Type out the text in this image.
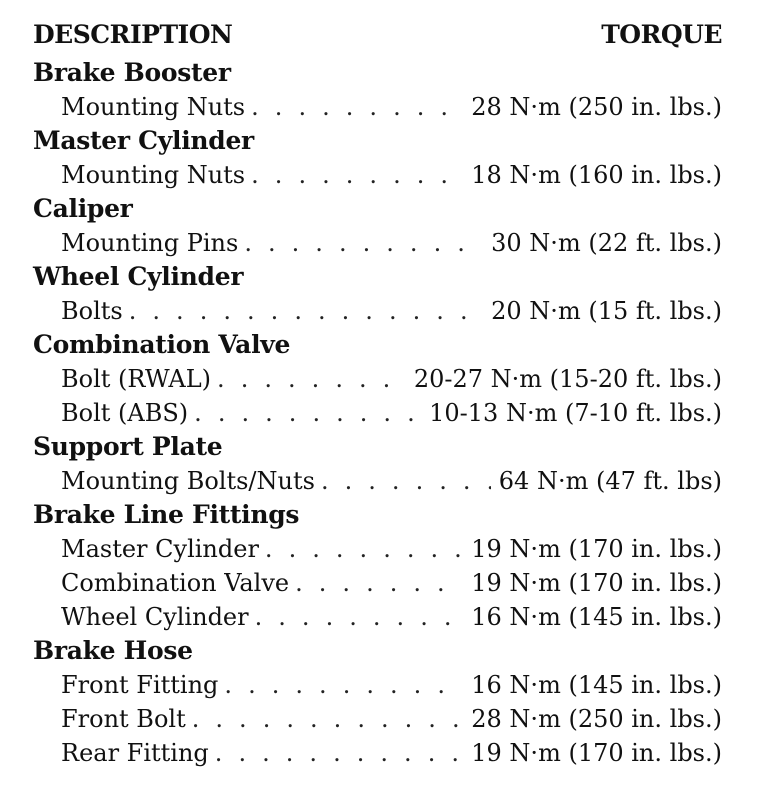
DESCRIPTION	TORQUE
Brake Booster
Mounting Nuts . . .	28 N·m (250 in. lbs.)
Master Cylinder
Mounting Nuts . . .	18 N·m (160 in. lbs.)
Caliper
Mounting Pins . . .	30 N·m (22 ft. lbs.)
Wheel Cylinder
Bolts . . .	20 N·m (15 ft. lbs.)
Combination Valve
Bolt (RWAL) . . .	20-27 N·m (15-20 ft. lbs.)
Bolt (ABS) . . .	10-13 N·m (7-10 ft. lbs.)
Support Plate
Mounting Bolts/Nuts . . .	64 N·m (47 ft. lbs)
Brake Line Fittings
Master Cylinder . . .	19 N·m (170 in. lbs.)
Combination Valve . . .	19 N·m (170 in. lbs.)
Wheel Cylinder . . .	16 N·m (145 in. lbs.)
Brake Hose
Front Fitting . . .	16 N·m (145 in. lbs.)
Front Bolt . . .	28 N·m (250 in. lbs.)
Rear Fitting . . .	19 N·m (170 in. lbs.)
